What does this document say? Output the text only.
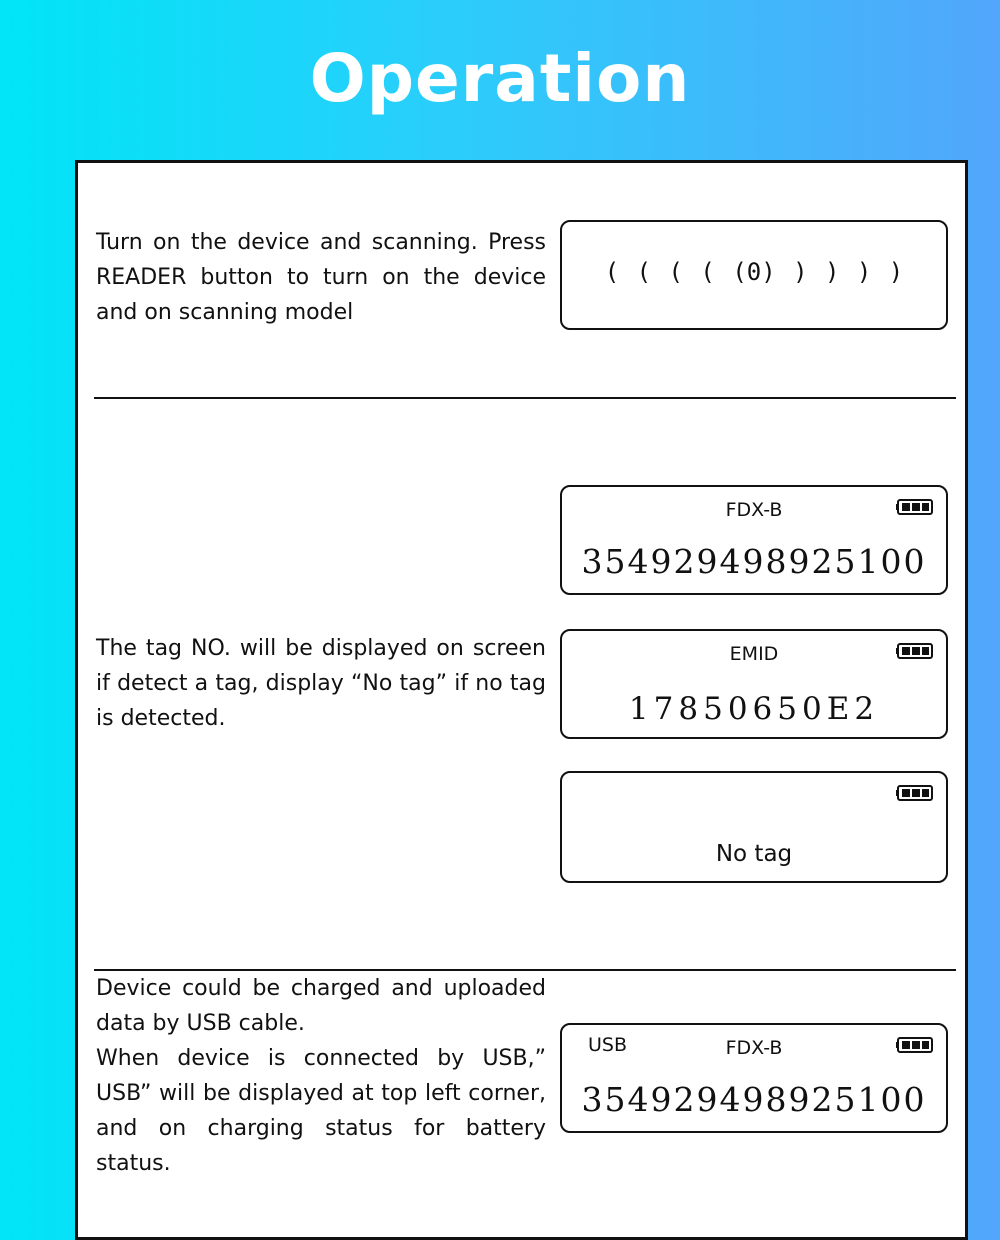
Operation

Turn on the device and scanning. Press READER button to turn on the device and on scanning model

( ( ( ( (0) ) ) ) )

The tag NO. will be displayed on screen if detect a tag, display “No tag” if no tag is detected.

FDX-B
354929498925100
EMID
17850650E2
No tag

Device could be charged and uploaded data by USB cable.

When device is connected by USB,” USB” will be displayed at top left corner, and on charging status for battery status.

USB	FDX-B
354929498925100
